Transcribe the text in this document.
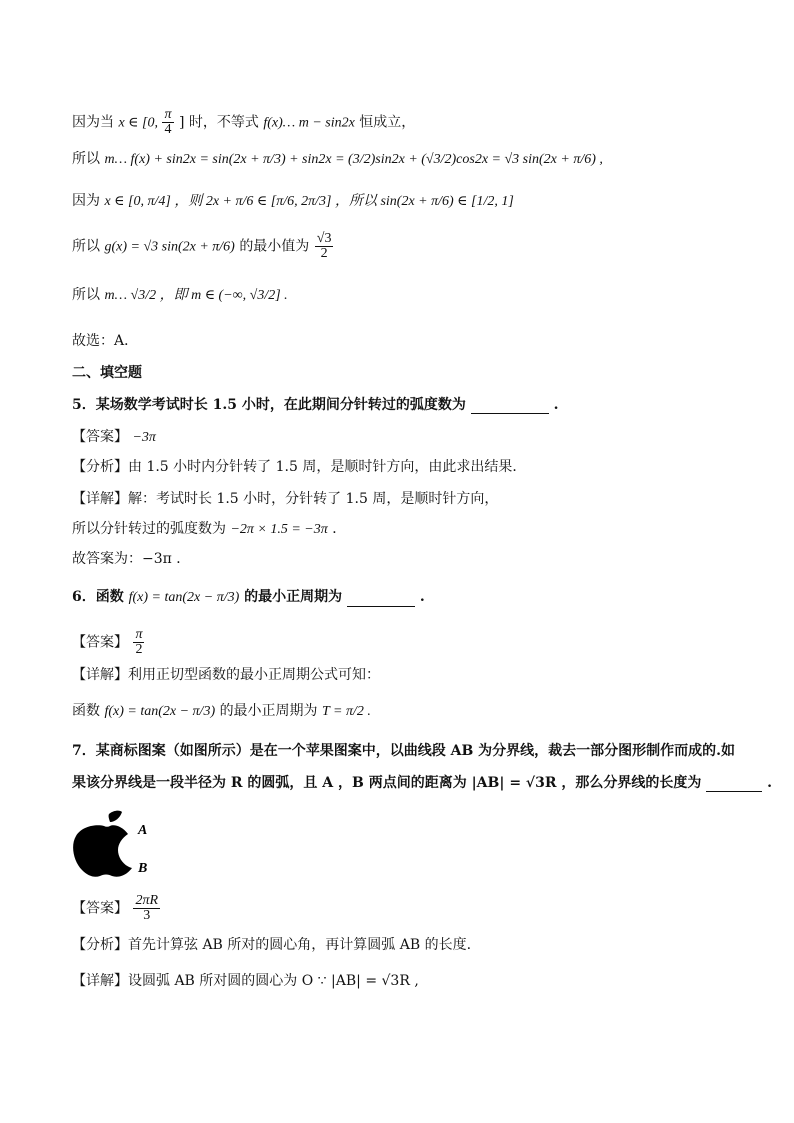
因为当 x ∈ [0, $\frac{\pi}{4}$ ] 时，不等式 f(x)… m − sin2x 恒成立，
所以 m… f(x) + sin2x = sin(2x + π/3) + sin2x = (3/2)sin2x + (√3/2)cos2x = √3 sin(2x + π/6) ,
因为 x ∈ [0, π/4] ，则 2x + π/6 ∈ [π/6, 2π/3] ，所以 sin(2x + π/6) ∈ [1/2, 1]
所以 g(x) = √3 sin(2x + π/6) 的最小值为 $\frac{√3}{2}$
所以 m… √3/2 ，即 m ∈ (−∞, √3/2] .
故选：A．
二、填空题
5．某场数学考试时长 1.5 小时，在此期间分针转过的弧度数为	.
【答案】 −3π
【分析】由 1.5 小时内分针转了 1.5 周，是顺时针方向，由此求出结果．
【详解】解：考试时长 1.5 小时，分针转了 1.5 周，是顺时针方向，
所以分针转过的弧度数为 −2π × 1.5 = −3π ．
故答案为：−3π ．
6．函数 f(x) = tan(2x − π/3) 的最小正周期为	.
【答案】 $\frac{\pi}{2}$
【详解】利用正切型函数的最小正周期公式可知：
函数 f(x) = tan(2x − π/3) 的最小正周期为 T = π/2 .
7．某商标图案（如图所示）是在一个苹果图案中，以曲线段 AB 为分界线，裁去一部分图形制作而成的.如
果该分界线是一段半径为 R 的圆弧，且 A ，B 两点间的距离为 |AB| = √3R ，那么分界线的长度为	.
A
B
【答案】 $\frac{2\pi R}{3}$
【分析】首先计算弦 AB 所对的圆心角，再计算圆弧 AB 的长度.
【详解】设圆弧 AB 所对圆的圆心为 O ∵ |AB| = √3R ,
